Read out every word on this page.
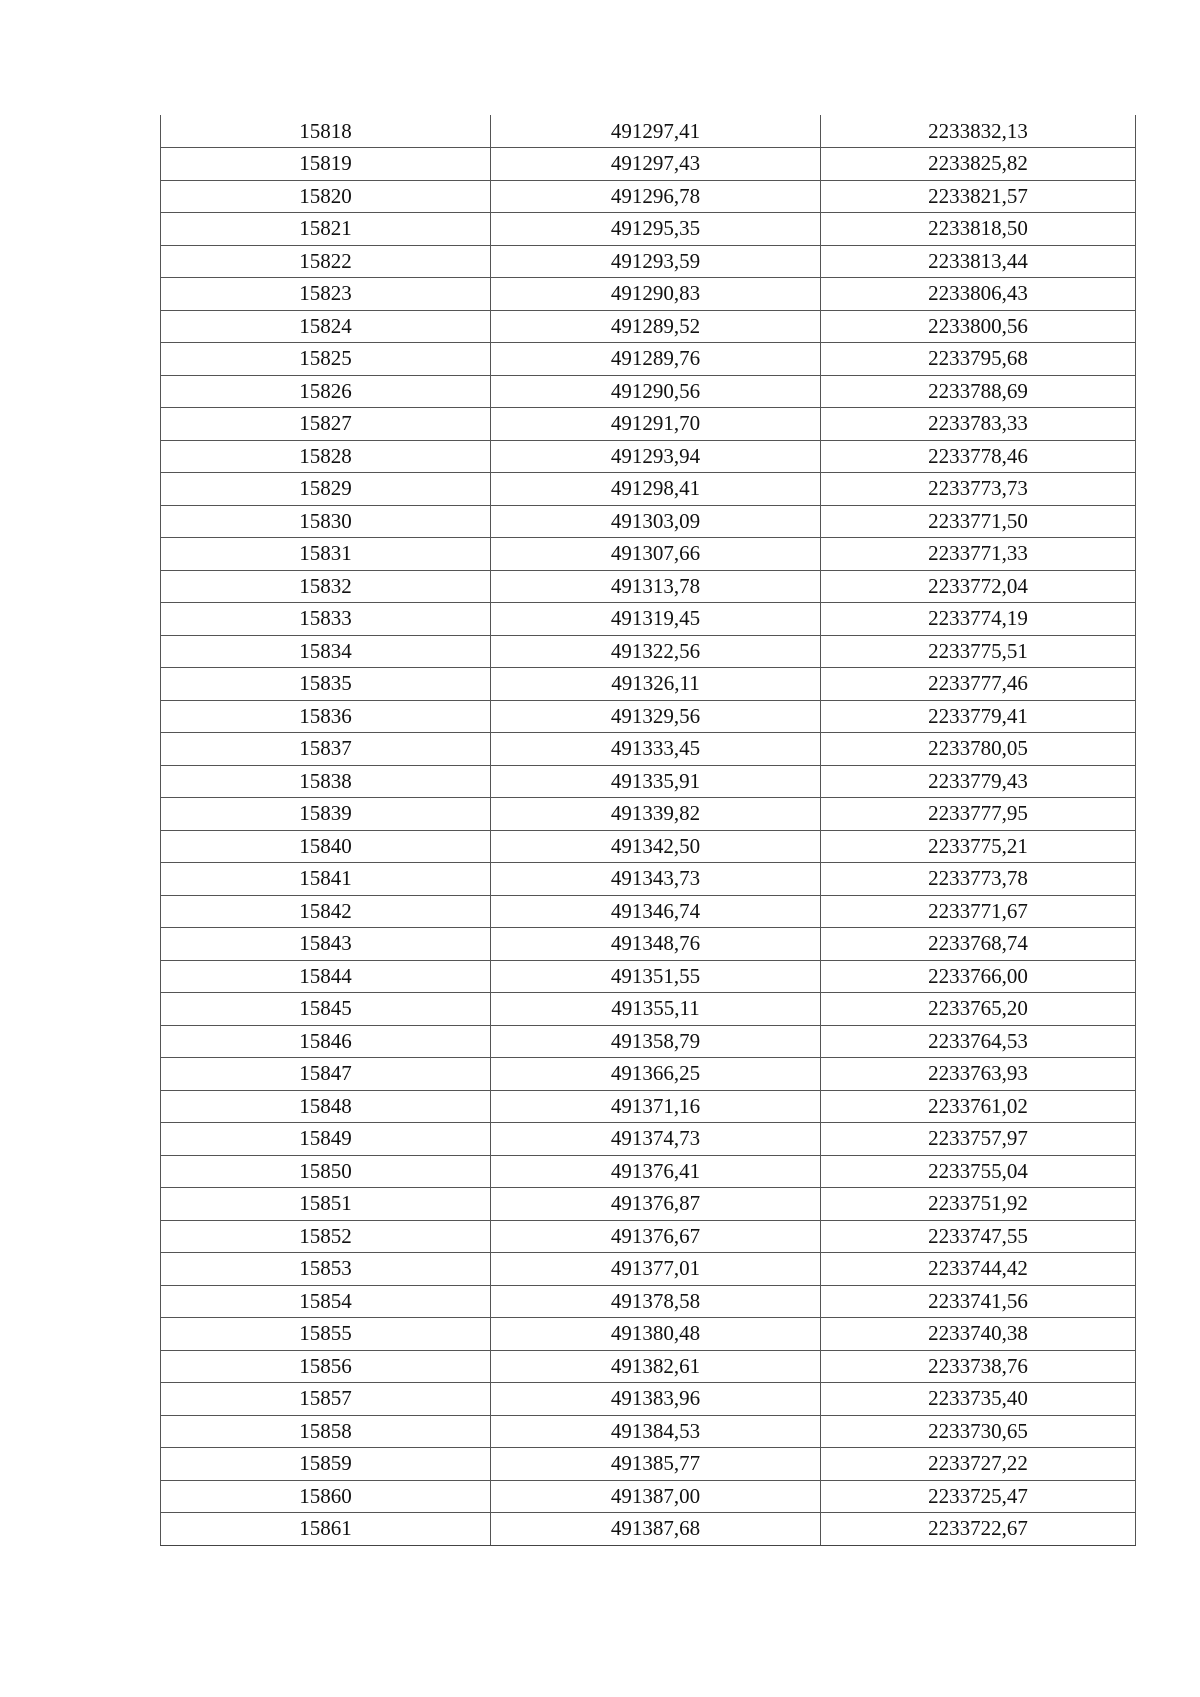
15818	491297,41	2233832,13
15819	491297,43	2233825,82
15820	491296,78	2233821,57
15821	491295,35	2233818,50
15822	491293,59	2233813,44
15823	491290,83	2233806,43
15824	491289,52	2233800,56
15825	491289,76	2233795,68
15826	491290,56	2233788,69
15827	491291,70	2233783,33
15828	491293,94	2233778,46
15829	491298,41	2233773,73
15830	491303,09	2233771,50
15831	491307,66	2233771,33
15832	491313,78	2233772,04
15833	491319,45	2233774,19
15834	491322,56	2233775,51
15835	491326,11	2233777,46
15836	491329,56	2233779,41
15837	491333,45	2233780,05
15838	491335,91	2233779,43
15839	491339,82	2233777,95
15840	491342,50	2233775,21
15841	491343,73	2233773,78
15842	491346,74	2233771,67
15843	491348,76	2233768,74
15844	491351,55	2233766,00
15845	491355,11	2233765,20
15846	491358,79	2233764,53
15847	491366,25	2233763,93
15848	491371,16	2233761,02
15849	491374,73	2233757,97
15850	491376,41	2233755,04
15851	491376,87	2233751,92
15852	491376,67	2233747,55
15853	491377,01	2233744,42
15854	491378,58	2233741,56
15855	491380,48	2233740,38
15856	491382,61	2233738,76
15857	491383,96	2233735,40
15858	491384,53	2233730,65
15859	491385,77	2233727,22
15860	491387,00	2233725,47
15861	491387,68	2233722,67
